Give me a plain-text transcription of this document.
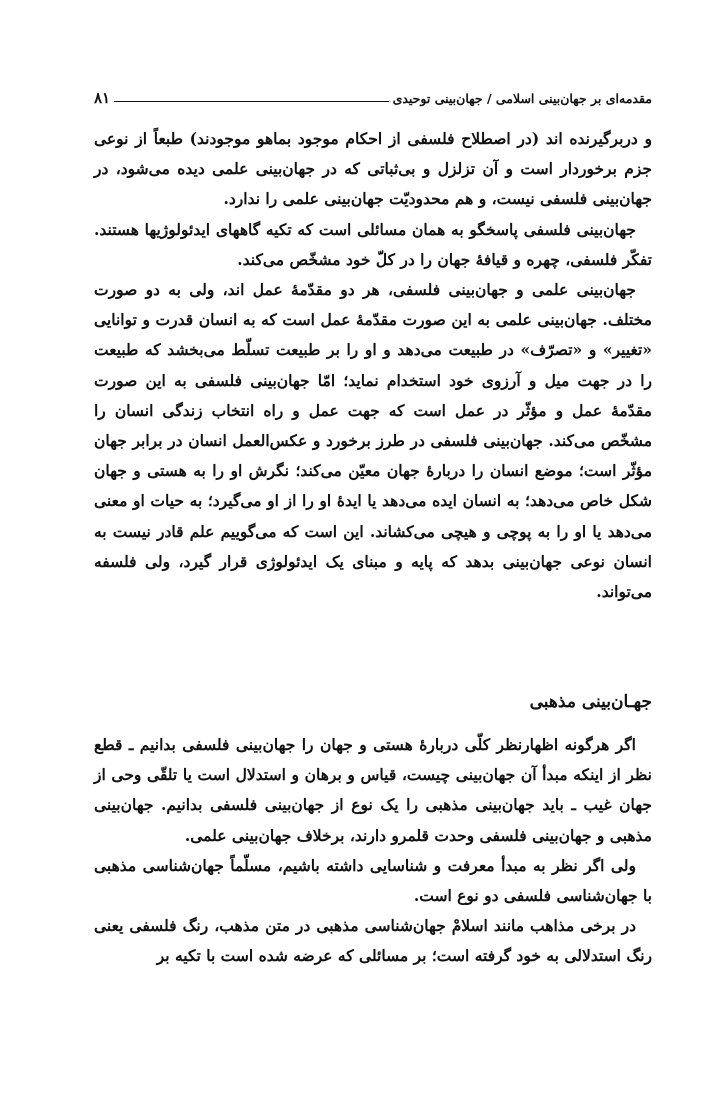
مقدمه‌ای بر جهان‌بینی اسلامی / جهان‌بینی توحیدی
۸۱

و دربرگیرنده اند (در اصطلاح فلسفی از احکام موجود بماهو موجودند) طبعاً از نوعی جزم برخوردار است و آن تزلزل و بی‌ثباتی که در جهان‌بینی علمی دیده می‌شود، در جهان‌بینی فلسفی نیست، و هم محدودیّت جهان‌بینی علمی را ندارد.

جهان‌بینی فلسفی پاسخگو به همان مسائلی است که تکیه گاههای ایدئولوژیها هستند. تفکّر فلسفی، چهره و قیافهٔ جهان را در کلّ خود مشخّص می‌کند.

جهان‌بینی علمی و جهان‌بینی فلسفی، هر دو مقدّمهٔ عمل اند، ولی به دو صورت مختلف. جهان‌بینی علمی به این صورت مقدّمهٔ عمل است که به انسان قدرت و توانایی «تغییر» و «تصرّف» در طبیعت می‌دهد و او را بر طبیعت تسلّط می‌بخشد که طبیعت را در جهت میل و آرزوی خود استخدام نماید؛ امّا جهان‌بینی فلسفی به این صورت مقدّمهٔ عمل و مؤثّر در عمل است که جهت عمل و راه انتخاب زندگی انسان را مشخّص می‌کند. جهان‌بینی فلسفی در طرز برخورد و عکس‌العمل انسان در برابر جهان مؤثّر است؛ موضع انسان را دربارهٔ جهان معیّن می‌کند؛ نگرش او را به هستی و جهان شکل خاص می‌دهد؛ به انسان ایده می‌دهد یا ایدهٔ او را از او می‌گیرد؛ به حیات او معنی می‌دهد یا او را به پوچی و هیچی می‌کشاند. این است که می‌گوییم علم قادر نیست به انسان نوعی جهان‌بینی بدهد که پایه و مبنای یک ایدئولوژی قرار گیرد، ولی فلسفه می‌تواند.

جهـان‌بینی مذهبی

اگر هرگونه اظهارنظر کلّی دربارهٔ هستی و جهان را جهان‌بینی فلسفی بدانیم ـ قطع نظر از اینکه مبدأ آن جهان‌بینی چیست، قیاس و برهان و استدلال است یا تلقّی وحی از جهان غیب ـ باید جهان‌بینی مذهبی را یک نوع از جهان‌بینی فلسفی بدانیم. جهان‌بینی مذهبی و جهان‌بینی فلسفی وحدت قلمرو دارند، برخلاف جهان‌بینی علمی.

ولی اگر نظر به مبدأ معرفت و شناسایی داشته باشیم، مسلّماً جهان‌شناسی مذهبی با جهان‌شناسی فلسفی دو نوع است.

در برخی مذاهب مانند اسلامْ جهان‌شناسی مذهبی در متن مذهب، رنگ فلسفی یعنی رنگ استدلالی به خود گرفته است؛ بر مسائلی که عرضه شده است با تکیه بر
